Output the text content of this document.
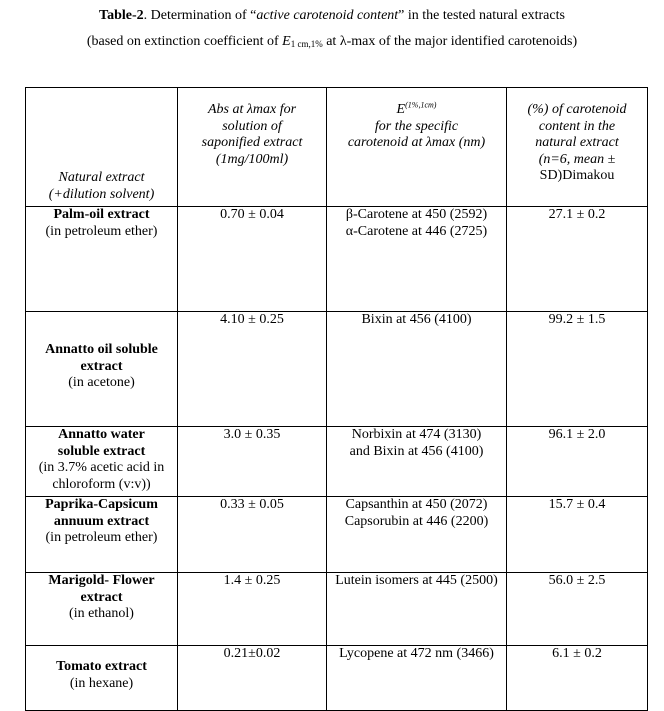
Table-2. Determination of “active carotenoid content” in the tested natural extracts
(based on extinction coefficient of $E_{1 cm,1\%}$ at λ-max of the major identified carotenoids)
Natural extract
(+dilution solvent)	Abs at λmax for
solution of
saponified extract
(1mg/100ml)	$E^{(1\%,1cm)}$
for the specific
carotenoid at λmax (nm)	(%) of carotenoid
content in the
natural extract
(n=6, mean ±
SD)Dimakou

Palm-oil extract
(in petroleum ether)	0.70 ± 0.04	β-Carotene at 450 (2592)
α-Carotene at 446 (2725)	27.1 ± 0.2

Annatto oil soluble
extract
(in acetone)	4.10 ± 0.25	Bixin at 456 (4100)	99.2 ± 1.5

Annatto water
soluble extract
(in 3.7% acetic acid in
chloroform (v:v))	3.0 ± 0.35	Norbixin at 474 (3130)
and Bixin at 456 (4100)	96.1 ± 2.0

Paprika-Capsicum
annuum extract
(in petroleum ether)	0.33 ± 0.05	Capsanthin at 450 (2072)
Capsorubin at 446 (2200)	15.7 ± 0.4

Marigold- Flower
extract
(in ethanol)	1.4 ± 0.25	Lutein isomers at 445 (2500)	56.0 ± 2.5

Tomato extract
(in hexane)	0.21±0.02	Lycopene at 472 nm (3466)	6.1 ± 0.2
